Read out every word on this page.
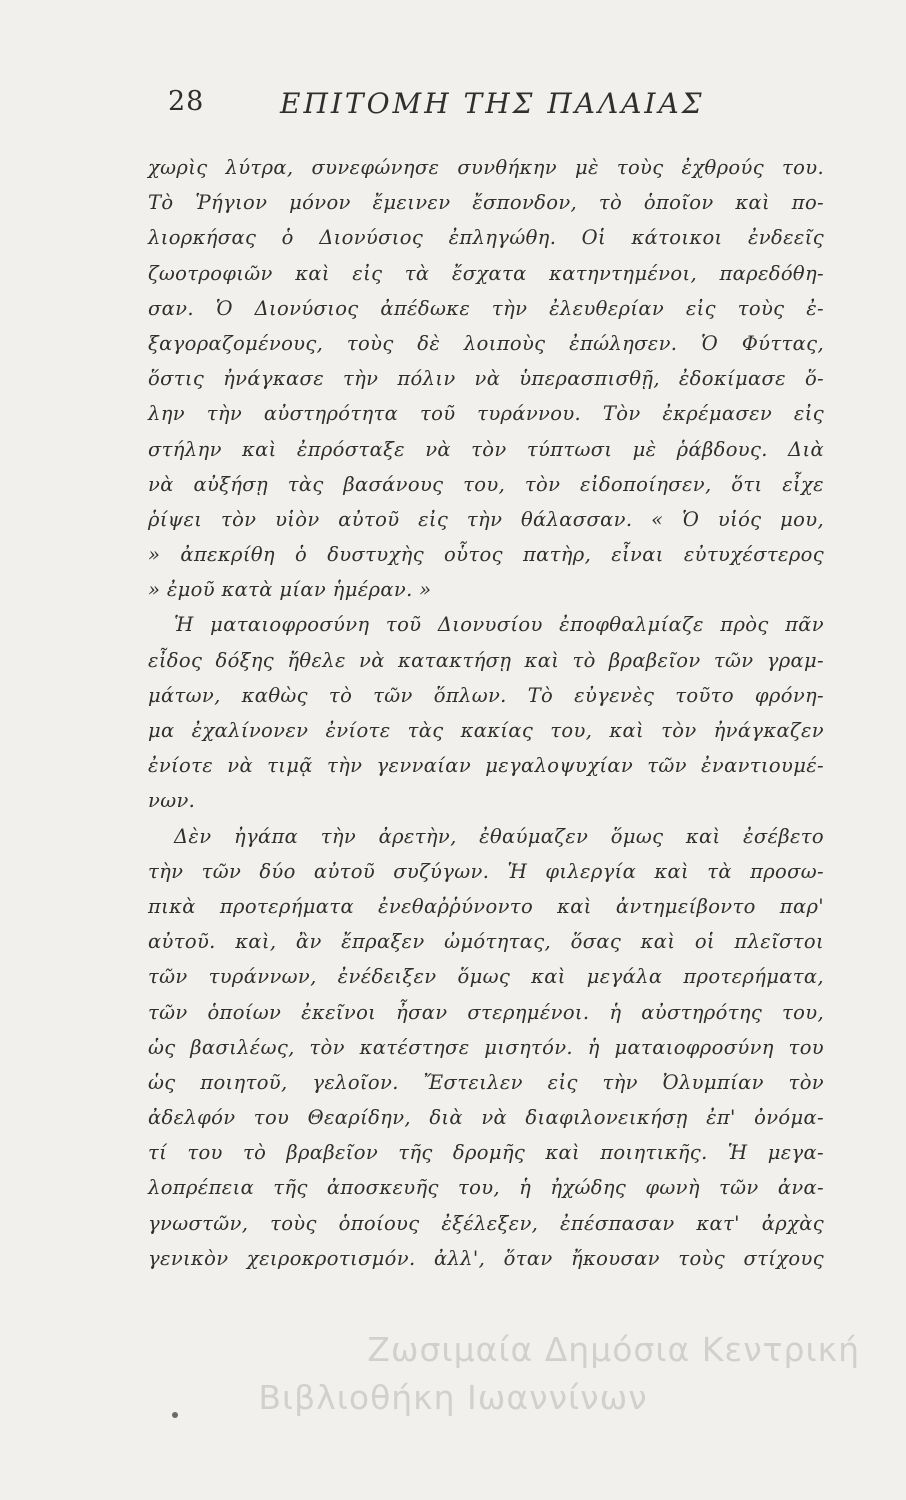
28	ΕΠΙΤΟΜΗ ΤΗΣ ΠΑΛΑΙΑΣ
χωρὶς λύτρα, συνεφώνησε συνθήκην μὲ τοὺς ἐχθρούς του.
Τὸ Ῥήγιον μόνον ἔμεινεν ἔσπονδον, τὸ ὁποῖον καὶ πο-
λιορκήσας ὁ Διονύσιος ἐπληγώθη. Οἱ κάτοικοι ἐνδεεῖς
ζωοτροφιῶν καὶ εἰς τὰ ἔσχατα κατηντημένοι, παρεδόθη-
σαν. Ὁ Διονύσιος ἀπέδωκε τὴν ἐλευθερίαν εἰς τοὺς ἐ-
ξαγοραζομένους, τοὺς δὲ λοιποὺς ἐπώλησεν. Ὁ Φύττας,
ὅστις ἠνάγκασε τὴν πόλιν νὰ ὑπερασπισθῇ, ἐδοκίμασε ὅ-
λην τὴν αὐστηρότητα τοῦ τυράννου. Τὸν ἐκρέμασεν εἰς
στήλην καὶ ἐπρόσταξε νὰ τὸν τύπτωσι μὲ ῥάβδους. Διὰ
νὰ αὐξήσῃ τὰς βασάνους του, τὸν εἰδοποίησεν, ὅτι εἶχε
ῥίψει τὸν υἱὸν αὐτοῦ εἰς τὴν θάλασσαν. « Ὁ υἱός μου,
» ἀπεκρίθη ὁ δυστυχὴς οὗτος πατὴρ, εἶναι εὐτυχέστερος
» ἐμοῦ κατὰ μίαν ἡμέραν. »
Ἡ ματαιοφροσύνη τοῦ Διονυσίου ἐποφθαλμίαζε πρὸς πᾶν
εἶδος δόξης ἤθελε νὰ κατακτήσῃ καὶ τὸ βραβεῖον τῶν γραμ-
μάτων, καθὼς τὸ τῶν ὅπλων. Τὸ εὐγενὲς τοῦτο φρόνη-
μα ἐχαλίνονεν ἐνίοτε τὰς κακίας του, καὶ τὸν ἠνάγκαζεν
ἐνίοτε νὰ τιμᾷ τὴν γενναίαν μεγαλοψυχίαν τῶν ἐναντιουμέ-
νων.
Δὲν ἠγάπα τὴν ἀρετὴν, ἐθαύμαζεν ὅμως καὶ ἐσέβετο
τὴν τῶν δύο αὐτοῦ συζύγων. Ἡ φιλεργία καὶ τὰ προσω-
πικὰ προτερήματα ἐνεθαῤῥύνοντο καὶ ἀντημείβοντο παρ'
αὐτοῦ. καὶ, ἂν ἔπραξεν ὠμότητας, ὅσας καὶ οἱ πλεῖστοι
τῶν τυράννων, ἐνέδειξεν ὅμως καὶ μεγάλα προτερήματα,
τῶν ὁποίων ἐκεῖνοι ἦσαν στερημένοι. ἡ αὐστηρότης του,
ὡς βασιλέως, τὸν κατέστησε μισητόν. ἡ ματαιοφροσύνη του
ὡς ποιητοῦ, γελοῖον. Ἔστειλεν εἰς τὴν Ὀλυμπίαν τὸν
ἀδελφόν του Θεαρίδην, διὰ νὰ διαφιλονεικήσῃ ἐπ' ὀνόμα-
τί του τὸ βραβεῖον τῆς δρομῆς καὶ ποιητικῆς. Ἡ μεγα-
λοπρέπεια τῆς ἀποσκευῆς του, ἡ ἠχώδης φωνὴ τῶν ἀνα-
γνωστῶν, τοὺς ὁποίους ἐξέλεξεν, ἐπέσπασαν κατ' ἀρχὰς
γενικὸν χειροκροτισμόν. ἀλλ', ὅταν ἤκουσαν τοὺς στίχους
Ζωσιμαία Δημόσια Κεντρική
Βιβλιοθήκη Ιωαννίνων
